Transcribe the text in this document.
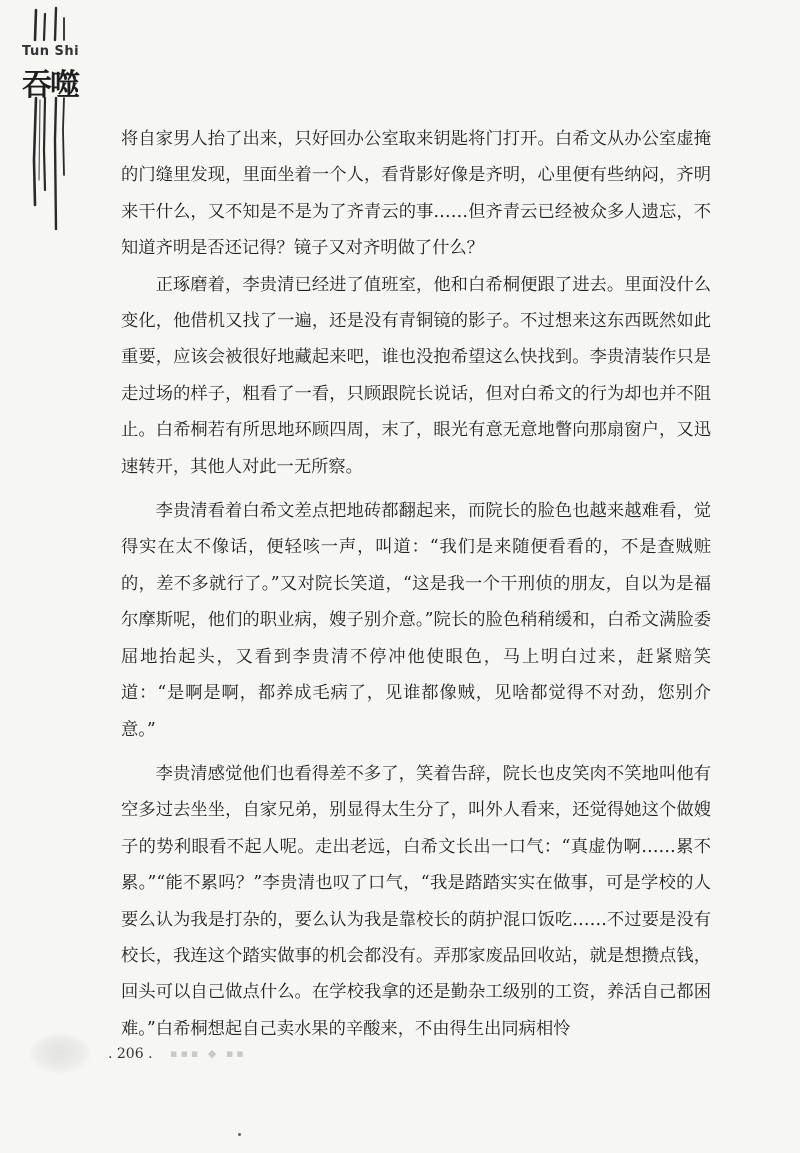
Tun Shi
吞噬

将自家男人抬了出来，只好回办公室取来钥匙将门打开。白希文从办公室虚掩的门缝里发现，里面坐着一个人，看背影好像是齐明，心里便有些纳闷，齐明来干什么，又不知是不是为了齐青云的事……但齐青云已经被众多人遗忘，不知道齐明是否还记得？镜子又对齐明做了什么？

正琢磨着，李贵清已经进了值班室，他和白希桐便跟了进去。里面没什么变化，他借机又找了一遍，还是没有青铜镜的影子。不过想来这东西既然如此重要，应该会被很好地藏起来吧，谁也没抱希望这么快找到。李贵清装作只是走过场的样子，粗看了一看，只顾跟院长说话，但对白希文的行为却也并不阻止。白希桐若有所思地环顾四周，末了，眼光有意无意地瞥向那扇窗户，又迅速转开，其他人对此一无所察。

李贵清看着白希文差点把地砖都翻起来，而院长的脸色也越来越难看，觉得实在太不像话，便轻咳一声，叫道：“我们是来随便看看的，不是查贼赃的，差不多就行了。”又对院长笑道，“这是我一个干刑侦的朋友，自以为是福尔摩斯呢，他们的职业病，嫂子别介意。”院长的脸色稍稍缓和，白希文满脸委屈地抬起头，又看到李贵清不停冲他使眼色，马上明白过来，赶紧赔笑道：“是啊是啊，都养成毛病了，见谁都像贼，见啥都觉得不对劲，您别介意。”

李贵清感觉他们也看得差不多了，笑着告辞，院长也皮笑肉不笑地叫他有空多过去坐坐，自家兄弟，别显得太生分了，叫外人看来，还觉得她这个做嫂子的势利眼看不起人呢。走出老远，白希文长出一口气：“真虚伪啊……累不累。”“能不累吗？”李贵清也叹了口气，“我是踏踏实实在做事，可是学校的人要么认为我是打杂的，要么认为我是靠校长的荫护混口饭吃……不过要是没有校长，我连这个踏实做事的机会都没有。弄那家废品回收站，就是想攒点钱，回头可以自己做点什么。在学校我拿的还是勤杂工级别的工资，养活自己都困难。”白希桐想起自己卖水果的辛酸来，不由得生出同病相怜

. 206 . ▪▪▪ ◆ ▪▪
